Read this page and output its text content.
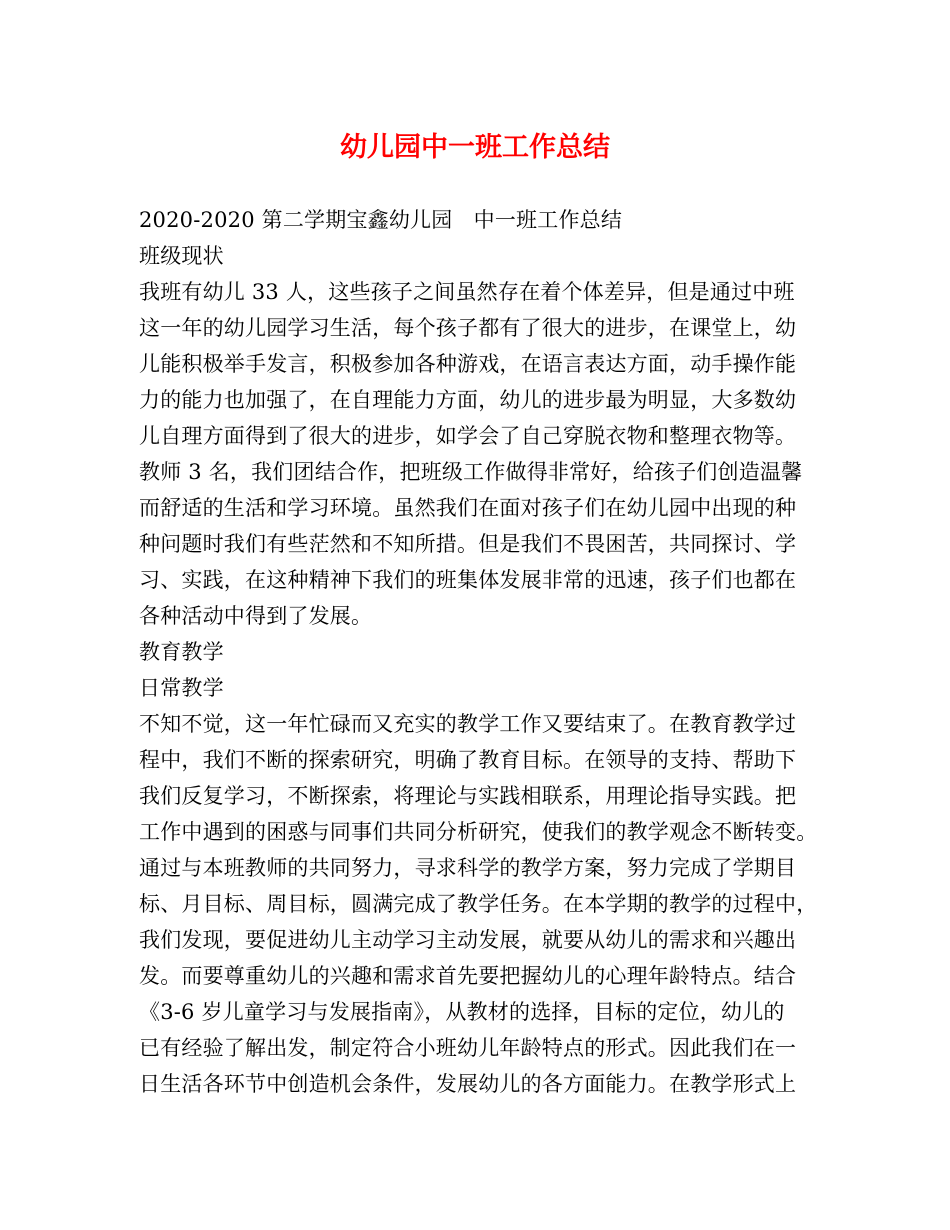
幼儿园中一班工作总结
2020-2020 第二学期宝鑫幼儿园　中一班工作总结
班级现状
我班有幼儿 33 人，这些孩子之间虽然存在着个体差异，但是通过中班
这一年的幼儿园学习生活，每个孩子都有了很大的进步，在课堂上，幼
儿能积极举手发言，积极参加各种游戏，在语言表达方面，动手操作能
力的能力也加强了，在自理能力方面，幼儿的进步最为明显，大多数幼
儿自理方面得到了很大的进步，如学会了自己穿脱衣物和整理衣物等。
教师 3 名，我们团结合作，把班级工作做得非常好，给孩子们创造温馨
而舒适的生活和学习环境。虽然我们在面对孩子们在幼儿园中出现的种
种问题时我们有些茫然和不知所措。但是我们不畏困苦，共同探讨、学
习、实践，在这种精神下我们的班集体发展非常的迅速，孩子们也都在
各种活动中得到了发展。
教育教学
日常教学
不知不觉，这一年忙碌而又充实的教学工作又要结束了。在教育教学过
程中，我们不断的探索研究，明确了教育目标。在领导的支持、帮助下
我们反复学习，不断探索，将理论与实践相联系，用理论指导实践。把
工作中遇到的困惑与同事们共同分析研究，使我们的教学观念不断转变。
通过与本班教师的共同努力，寻求科学的教学方案，努力完成了学期目
标、月目标、周目标，圆满完成了教学任务。在本学期的教学的过程中，
我们发现，要促进幼儿主动学习主动发展，就要从幼儿的需求和兴趣出
发。而要尊重幼儿的兴趣和需求首先要把握幼儿的心理年龄特点。结合
《3-6 岁儿童学习与发展指南》，从教材的选择，目标的定位，幼儿的
已有经验了解出发，制定符合小班幼儿年龄特点的形式。因此我们在一
日生活各环节中创造机会条件，发展幼儿的各方面能力。在教学形式上
